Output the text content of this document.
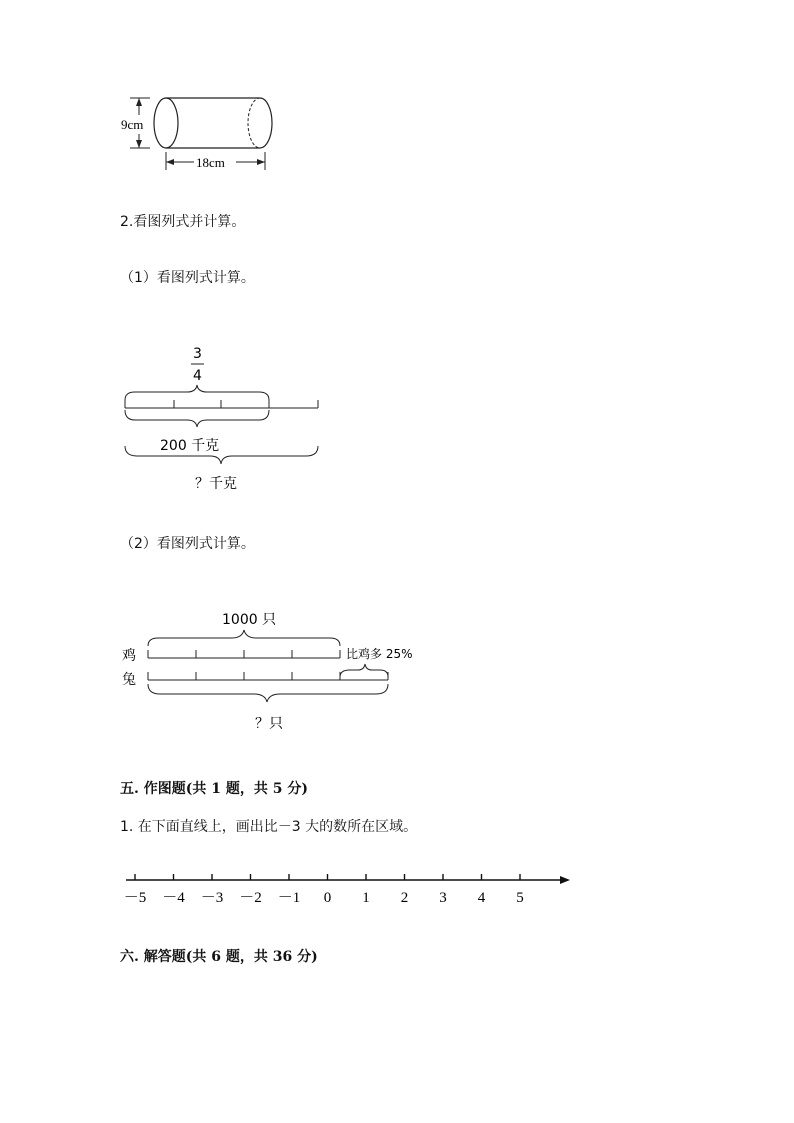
9cm
18cm
2.看图列式并计算。
（1）看图列式计算。
3
4
200 千克
？千克
（2）看图列式计算。
1000 只
鸡	比鸡多 25%
兔
？只
五. 作图题(共 1 题，共 5 分)
1. 在下面直线上，画出比－3 大的数所在区域。
－5 －4 －3 －2 －1 0 1 2 3 4 5
六. 解答题(共 6 题，共 36 分)
